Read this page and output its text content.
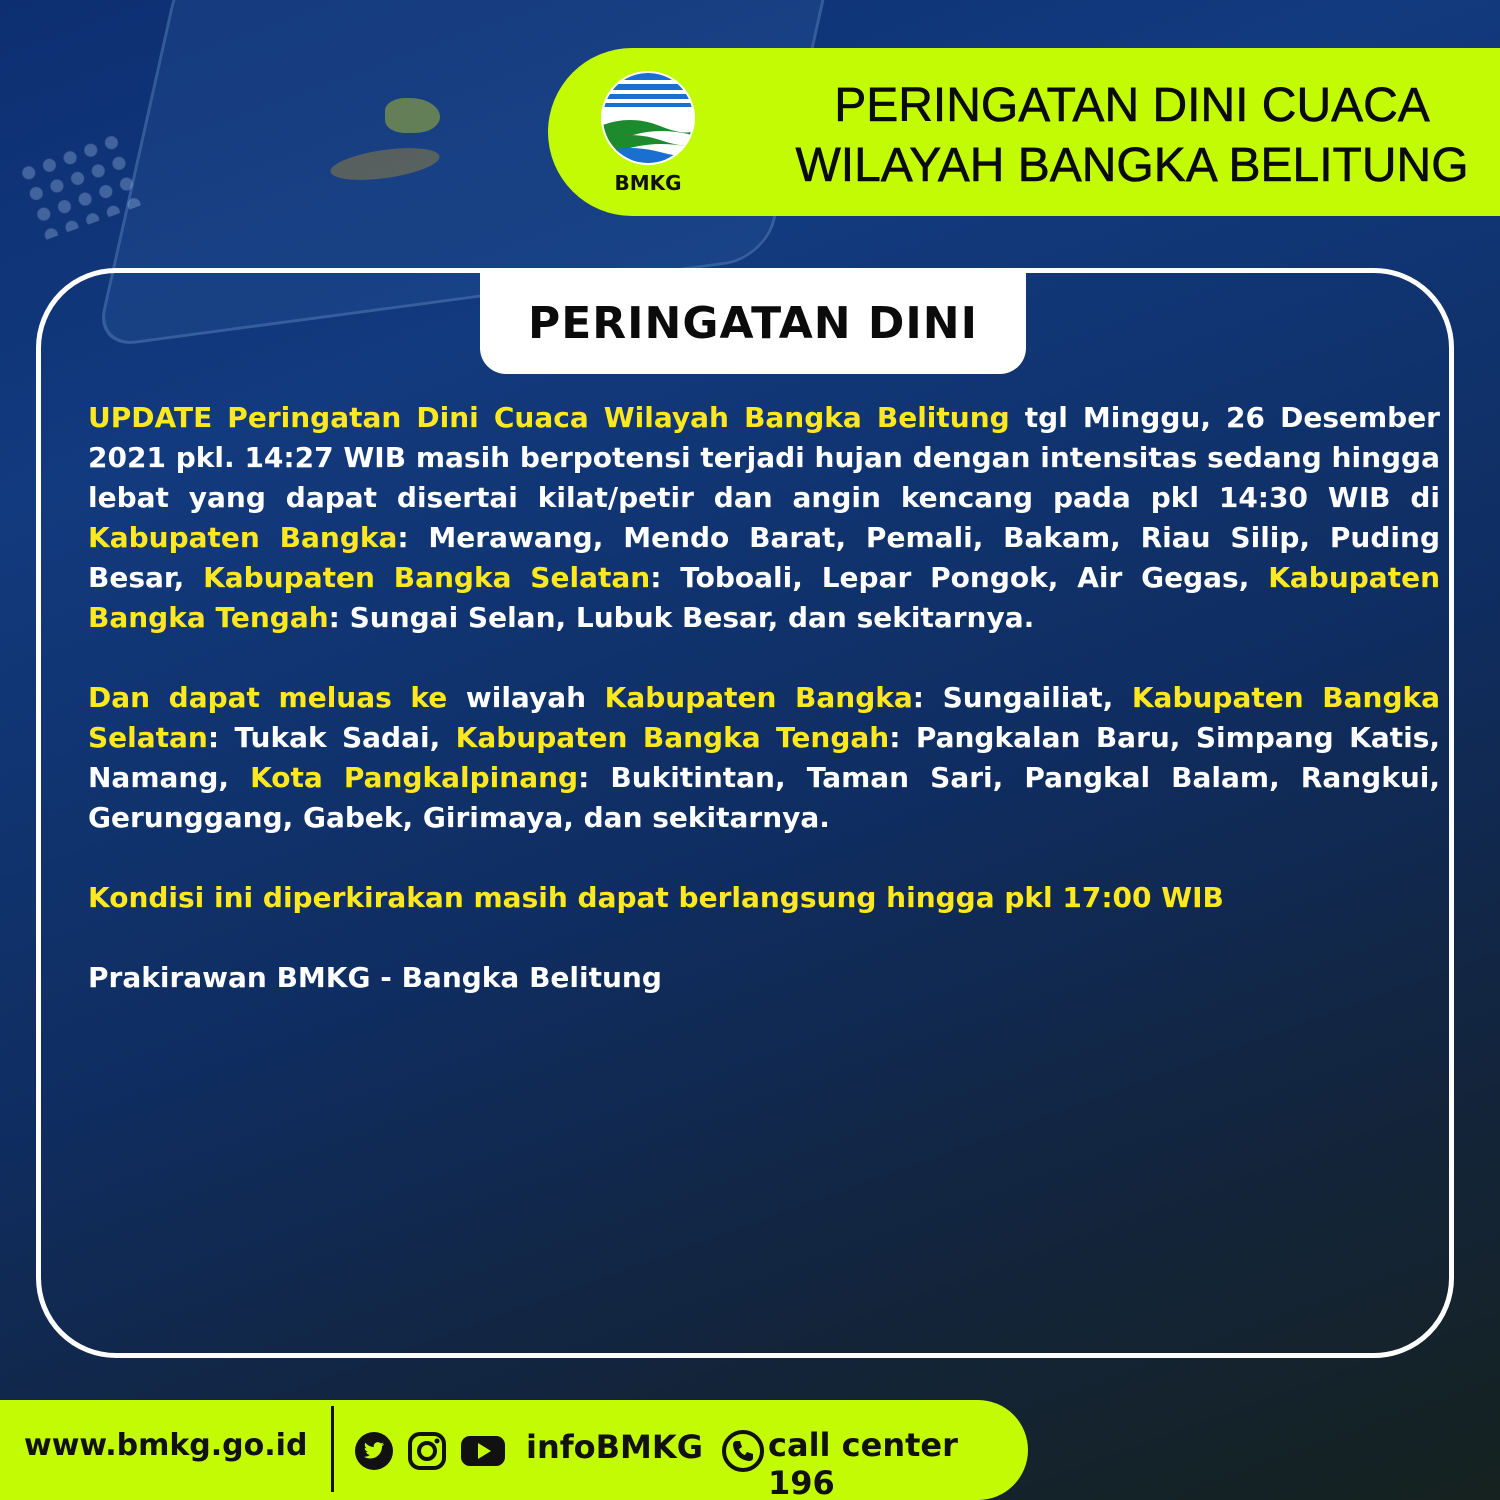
BMKG
PERINGATAN DINI CUACA
WILAYAH BANGKA BELITUNG
PERINGATAN DINI

UPDATE Peringatan Dini Cuaca Wilayah Bangka Belitung tgl Minggu, 26 Desember 2021 pkl. 14:27 WIB masih berpotensi terjadi hujan dengan intensitas sedang hingga lebat yang dapat disertai kilat/petir dan angin kencang pada pkl 14:30 WIB di Kabupaten Bangka: Merawang, Mendo Barat, Pemali, Bakam, Riau Silip, Puding Besar, Kabupaten Bangka Selatan: Toboali, Lepar Pongok, Air Gegas, Kabupaten Bangka Tengah: Sungai Selan, Lubuk Besar, dan sekitarnya.

Dan dapat meluas ke wilayah Kabupaten Bangka: Sungailiat, Kabupaten Bangka Selatan: Tukak Sadai, Kabupaten Bangka Tengah: Pangkalan Baru, Simpang Katis, Namang, Kota Pangkalpinang: Bukitintan, Taman Sari, Pangkal Balam, Rangkui, Gerunggang, Gabek, Girimaya, dan sekitarnya.

Kondisi ini diperkirakan masih dapat berlangsung hingga pkl 17:00 WIB

Prakirawan BMKG - Bangka Belitung

www.bmkg.go.id	infoBMKG call center 196
